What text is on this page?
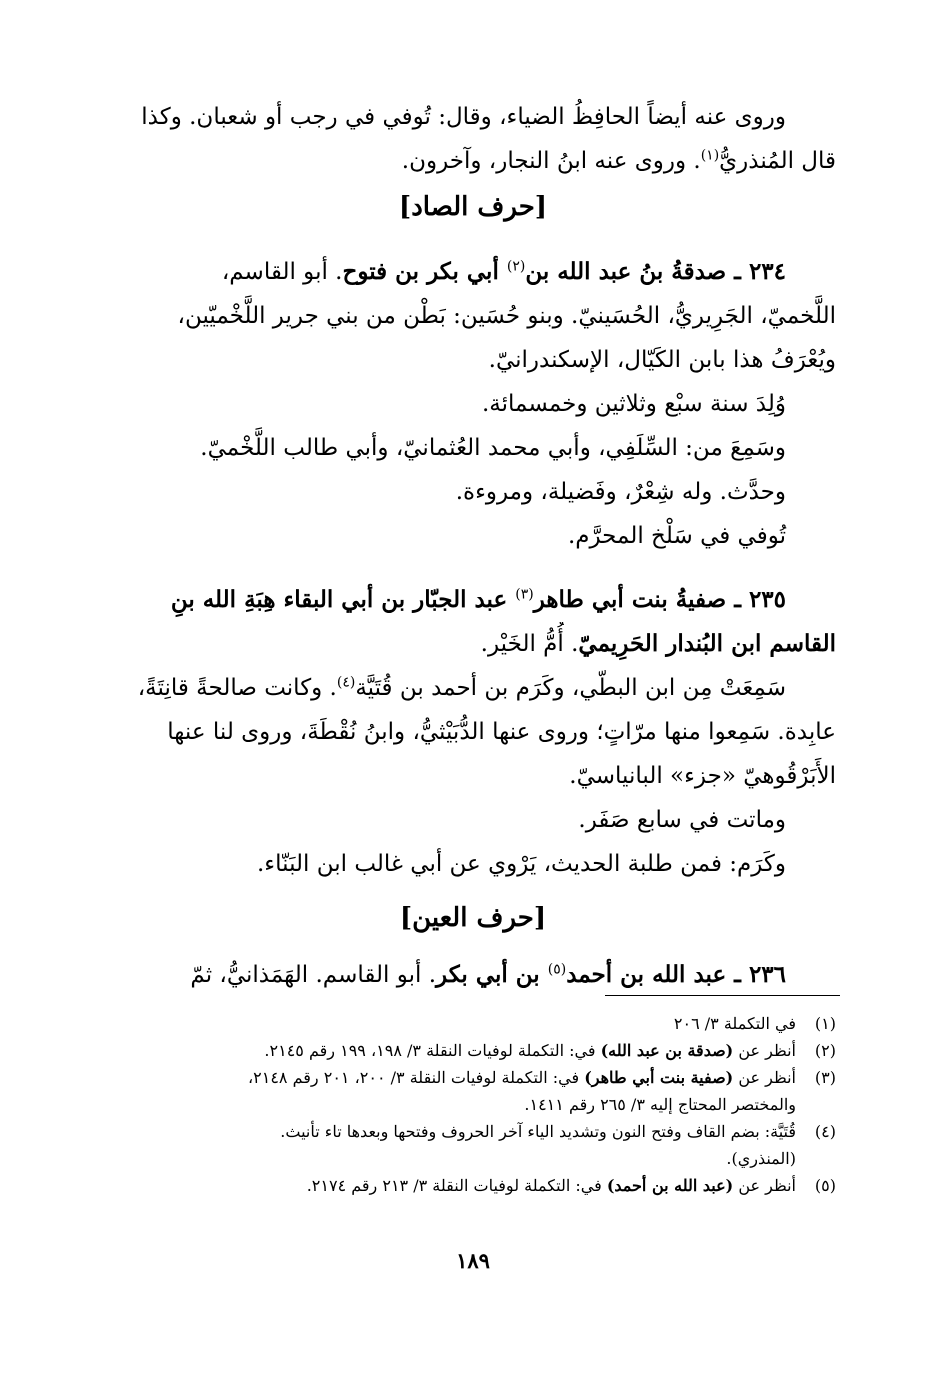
وروى عنه أيضاً الحافِظُ الضياء، وقال: تُوفي في رجب أو شعبان. وكذا
قال المُنذريُّ$^{(١)}$. وروى عنه ابنُ النجار، وآخرون.
[حرف الصاد]
٢٣٤ ـ صدقةُ بنُ عبد الله بن$^{(٢)}$ أبي بكر بن فتوح. أبو القاسم،
اللَّخميّ، الجَرِيريُّ، الحُسَينيّ. وبنو حُسَين: بَطْن من بني جرير اللَّخْميّين،
ويُعْرَفُ هذا بابن الكَيّال، الإسكندرانيّ.
وُلِدَ سنة سبْع وثلاثين وخمسمائة.
وسَمِعَ من: السِّلَفِي، وأبي محمد العُثمانيّ، وأبي طالب اللَّخْميّ.
وحدَّث. وله شِعْرٌ، وفَضيلة، ومروءة.
تُوفي في سَلْخ المحرَّم.
٢٣٥ ـ صفيةُ بنت أبي طاهر$^{(٣)}$ عبد الجبّار بن أبي البقاء هِبَةِ الله بنِ
القاسم ابن البُندار الحَرِيميّ. أُمُّ الخَيْر.
سَمِعَتْ مِن ابن البطّي، وكَرَم بن أحمد بن قُتَيَّة$^{(٤)}$. وكانت صالحةً قانِتَةً،
عابِدة. سَمِعوا منها مرّاتٍ؛ وروى عنها الدُّبَيْثيُّ، وابنُ نُقْطَةَ، وروى لنا عنها
الأَبَرْقُوهيّ «جزء» البانياسيّ.
وماتت في سابع صَفَر.
وكَرَم: فمن طلبة الحديث، يَرْوي عن أبي غالب ابن البَنّاء.
[حرف العين]
٢٣٦ ـ عبد الله بن أحمد$^{(٥)}$ بن أبي بكر. أبو القاسم. الهَمَذانيُّ، ثمّ
(١)
في التكملة ٣/ ٢٠٦
(٢)
أنظر عن (صدقة بن عبد الله) في: التكملة لوفيات النقلة ٣/ ١٩٨، ١٩٩ رقم ٢١٤٥.
(٣)
أنظر عن (صفية بنت أبي طاهر) في: التكملة لوفيات النقلة ٣/ ٢٠٠، ٢٠١ رقم ٢١٤٨،
والمختصر المحتاج إليه ٣/ ٢٦٥ رقم ١٤١١.
(٤)
قُتَيَّة: بضم القاف وفتح النون وتشديد الياء آخر الحروف وفتحها وبعدها تاء تأنيث.
(المنذري).
(٥)
أنظر عن (عبد الله بن أحمد) في: التكملة لوفيات النقلة ٣/ ٢١٣ رقم ٢١٧٤.
١٨٩
